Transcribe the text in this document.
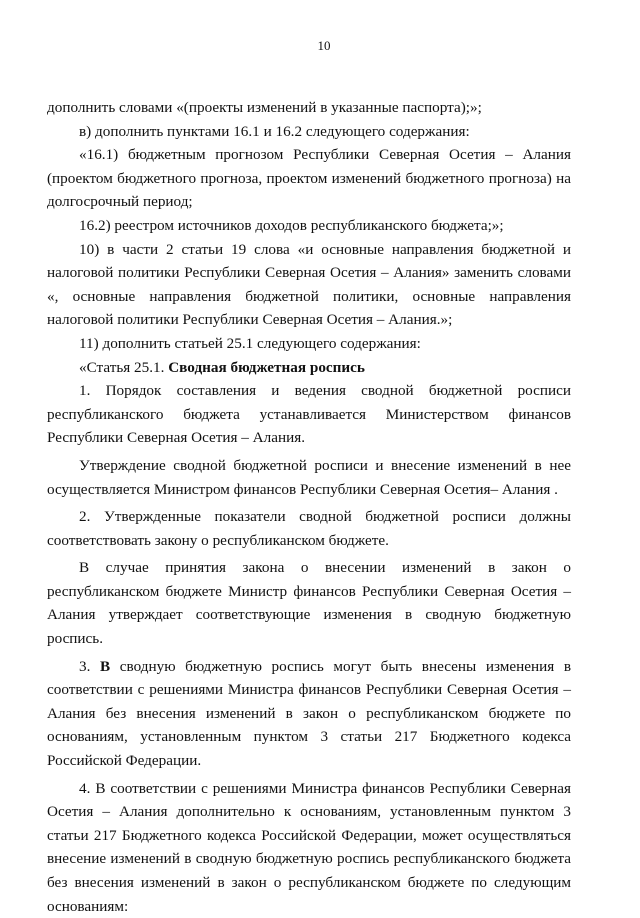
10

дополнить словами «(проекты изменений в указанные паспорта);»;

в) дополнить пунктами 16.1 и 16.2 следующего содержания:

«16.1) бюджетным прогнозом Республики Северная Осетия – Алания (проектом бюджетного прогноза, проектом изменений бюджетного прогноза) на долгосрочный период;

16.2) реестром источников доходов республиканского бюджета;»;

10) в части 2 статьи 19 слова «и основные направления бюджетной и налоговой политики Республики Северная Осетия – Алания» заменить словами «, основные направления бюджетной политики, основные направления налоговой политики Республики Северная Осетия – Алания.»;

11) дополнить статьей 25.1 следующего содержания:

«Статья 25.1. Сводная бюджетная роспись

1. Порядок составления и ведения сводной бюджетной росписи республиканского бюджета устанавливается Министерством финансов Республики Северная Осетия – Алания.

Утверждение сводной бюджетной росписи и внесение изменений в нее осуществляется Министром финансов Республики Северная Осетия– Алания .

2. Утвержденные показатели сводной бюджетной росписи должны соответствовать закону о республиканском бюджете.

В случае принятия закона о внесении изменений в закон о республиканском бюджете Министр финансов Республики Северная Осетия – Алания утверждает соответствующие изменения в сводную бюджетную роспись.

3. В сводную бюджетную роспись могут быть внесены изменения в соответствии с решениями Министра финансов Республики Северная Осетия – Алания без внесения изменений в закон о республиканском бюджете по основаниям, установленным пунктом 3 статьи 217 Бюджетного кодекса Российской Федерации.

4. В соответствии с решениями Министра финансов Республики Северная Осетия – Алания дополнительно к основаниям, установленным пунктом 3 статьи 217 Бюджетного кодекса Российской Федерации, может осуществляться внесение изменений в сводную бюджетную роспись республиканского бюджета без внесения изменений в закон о республиканском бюджете по следующим основаниям:
